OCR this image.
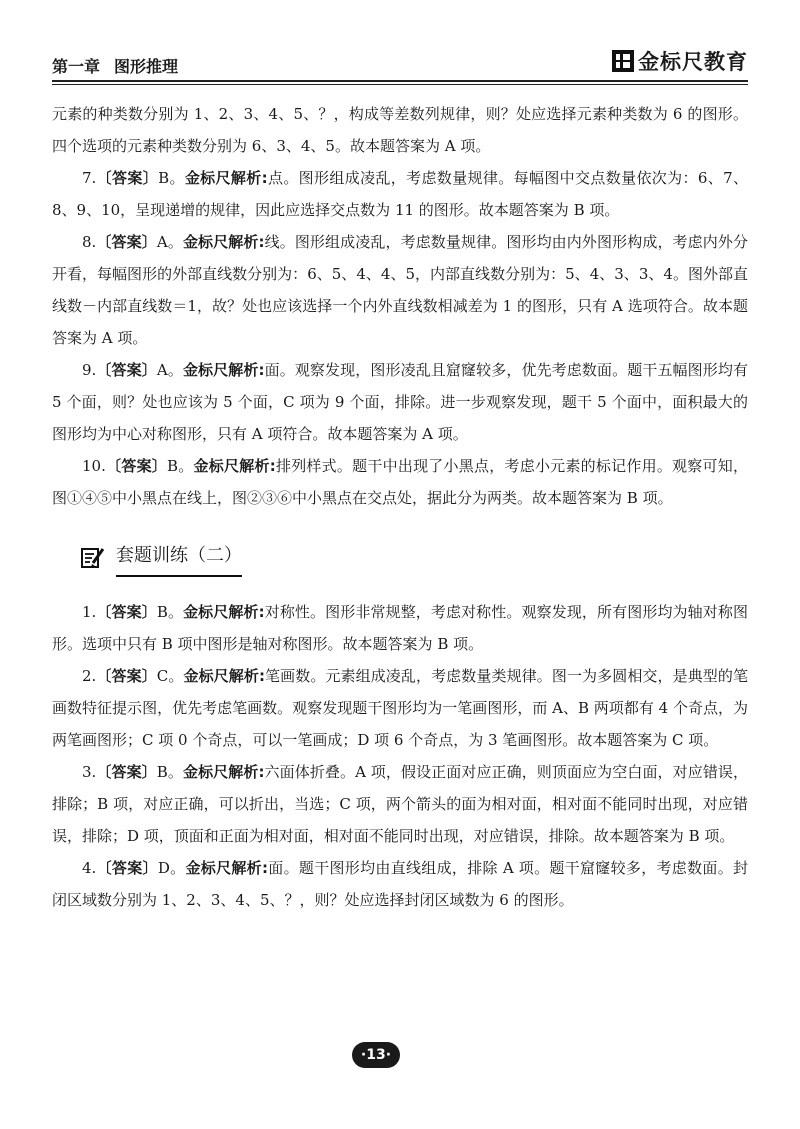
第一章 图形推理	金标尺教育

元素的种类数分别为 1、2、3、4、5、？，构成等差数列规律，则？处应选择元素种类数为 6 的图形。四个选项的元素种类数分别为 6、3、4、5。故本题答案为 A 项。

7.〔答案〕B。金标尺解析:点。图形组成凌乱，考虑数量规律。每幅图中交点数量依次为：6、7、8、9、10，呈现递增的规律，因此应选择交点数为 11 的图形。故本题答案为 B 项。

8.〔答案〕A。金标尺解析:线。图形组成凌乱，考虑数量规律。图形均由内外图形构成，考虑内外分开看，每幅图形的外部直线数分别为：6、5、4、4、5，内部直线数分别为：5、4、3、3、4。图外部直线数－内部直线数＝1，故？处也应该选择一个内外直线数相减差为 1 的图形，只有 A 选项符合。故本题答案为 A 项。

9.〔答案〕A。金标尺解析:面。观察发现，图形凌乱且窟窿较多，优先考虑数面。题干五幅图形均有 5 个面，则？处也应该为 5 个面，C 项为 9 个面，排除。进一步观察发现，题干 5 个面中，面积最大的图形均为中心对称图形，只有 A 项符合。故本题答案为 A 项。

10.〔答案〕B。金标尺解析:排列样式。题干中出现了小黑点，考虑小元素的标记作用。观察可知，图①④⑤中小黑点在线上，图②③⑥中小黑点在交点处，据此分为两类。故本题答案为 B 项。

套题训练（二）

1.〔答案〕B。金标尺解析:对称性。图形非常规整，考虑对称性。观察发现，所有图形均为轴对称图形。选项中只有 B 项中图形是轴对称图形。故本题答案为 B 项。

2.〔答案〕C。金标尺解析:笔画数。元素组成凌乱，考虑数量类规律。图一为多圆相交，是典型的笔画数特征提示图，优先考虑笔画数。观察发现题干图形均为一笔画图形，而 A、B 两项都有 4 个奇点，为两笔画图形；C 项 0 个奇点，可以一笔画成；D 项 6 个奇点，为 3 笔画图形。故本题答案为 C 项。

3.〔答案〕B。金标尺解析:六面体折叠。A 项，假设正面对应正确，则顶面应为空白面，对应错误，排除；B 项，对应正确，可以折出，当选；C 项，两个箭头的面为相对面，相对面不能同时出现，对应错误，排除；D 项，顶面和正面为相对面，相对面不能同时出现，对应错误，排除。故本题答案为 B 项。

4.〔答案〕D。金标尺解析:面。题干图形均由直线组成，排除 A 项。题干窟窿较多，考虑数面。封闭区域数分别为 1、2、3、4、5、？，则？处应选择封闭区域数为 6 的图形。

·13·
